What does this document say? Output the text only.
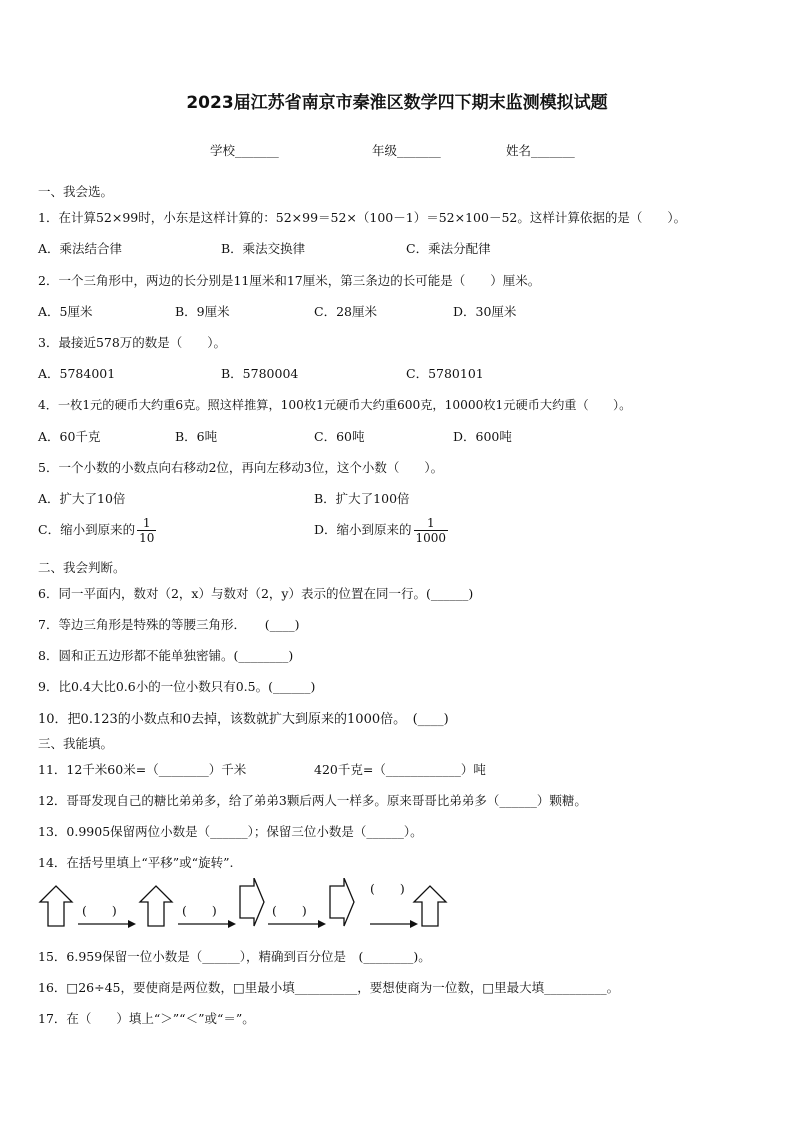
2023届江苏省南京市秦淮区数学四下期末监测模拟试题
学校_______	年级_______	姓名_______
一、我会选。
1．在计算52×99时，小东是这样计算的：52×99＝52×（100－1）＝52×100－52。这样计算依据的是（　　）。
A．乘法结合律	B．乘法交换律	C．乘法分配律
2．一个三角形中，两边的长分别是11厘米和17厘米，第三条边的长可能是（　　）厘米。
A．5厘米	B．9厘米	C．28厘米	D．30厘米
3．最接近578万的数是（　　）。
A．5784001	B．5780004	C．5780101
4．一枚1元的硬币大约重6克。照这样推算，100枚1元硬币大约重600克，10000枚1元硬币大约重（　　）。
A．60千克	B．6吨	C．60吨	D．600吨
5．一个小数的小数点向右移动2位，再向左移动3位，这个小数（　　）。
A．扩大了10倍	B．扩大了100倍
C．缩小到原来的 $\frac{1}{10}$	D．缩小到原来的 $\frac{1}{1000}$
二、我会判断。
6．同一平面内，数对（2，x）与数对（2，y）表示的位置在同一行。(______)
7．等边三角形是特殊的等腰三角形．　　(____)
8．圆和正五边形都不能单独密铺。(________)
9．比0.4大比0.6小的一位小数只有0.5。(______)
10．把0.123的小数点和0去掉，该数就扩大到原来的1000倍。　(____)
三、我能填。
11．12千米60米=（________）千米	420千克=（____________）吨
12．哥哥发现自己的糖比弟弟多，给了弟弟3颗后两人一样多。原来哥哥比弟弟多（______）颗糖。
13．0.9905保留两位小数是（______）；保留三位小数是（______）。
14．在括号里填上“平移”或“旋转”.
(　　)	(　　)	(　　)
(　　)
15．6.959保留一位小数是（______），精确到百分位是　(________)。
16．□26÷45，要使商是两位数，□里最小填__________，要想使商为一位数，□里最大填__________。
17．在（　　）填上“＞”“＜”或“＝”。
